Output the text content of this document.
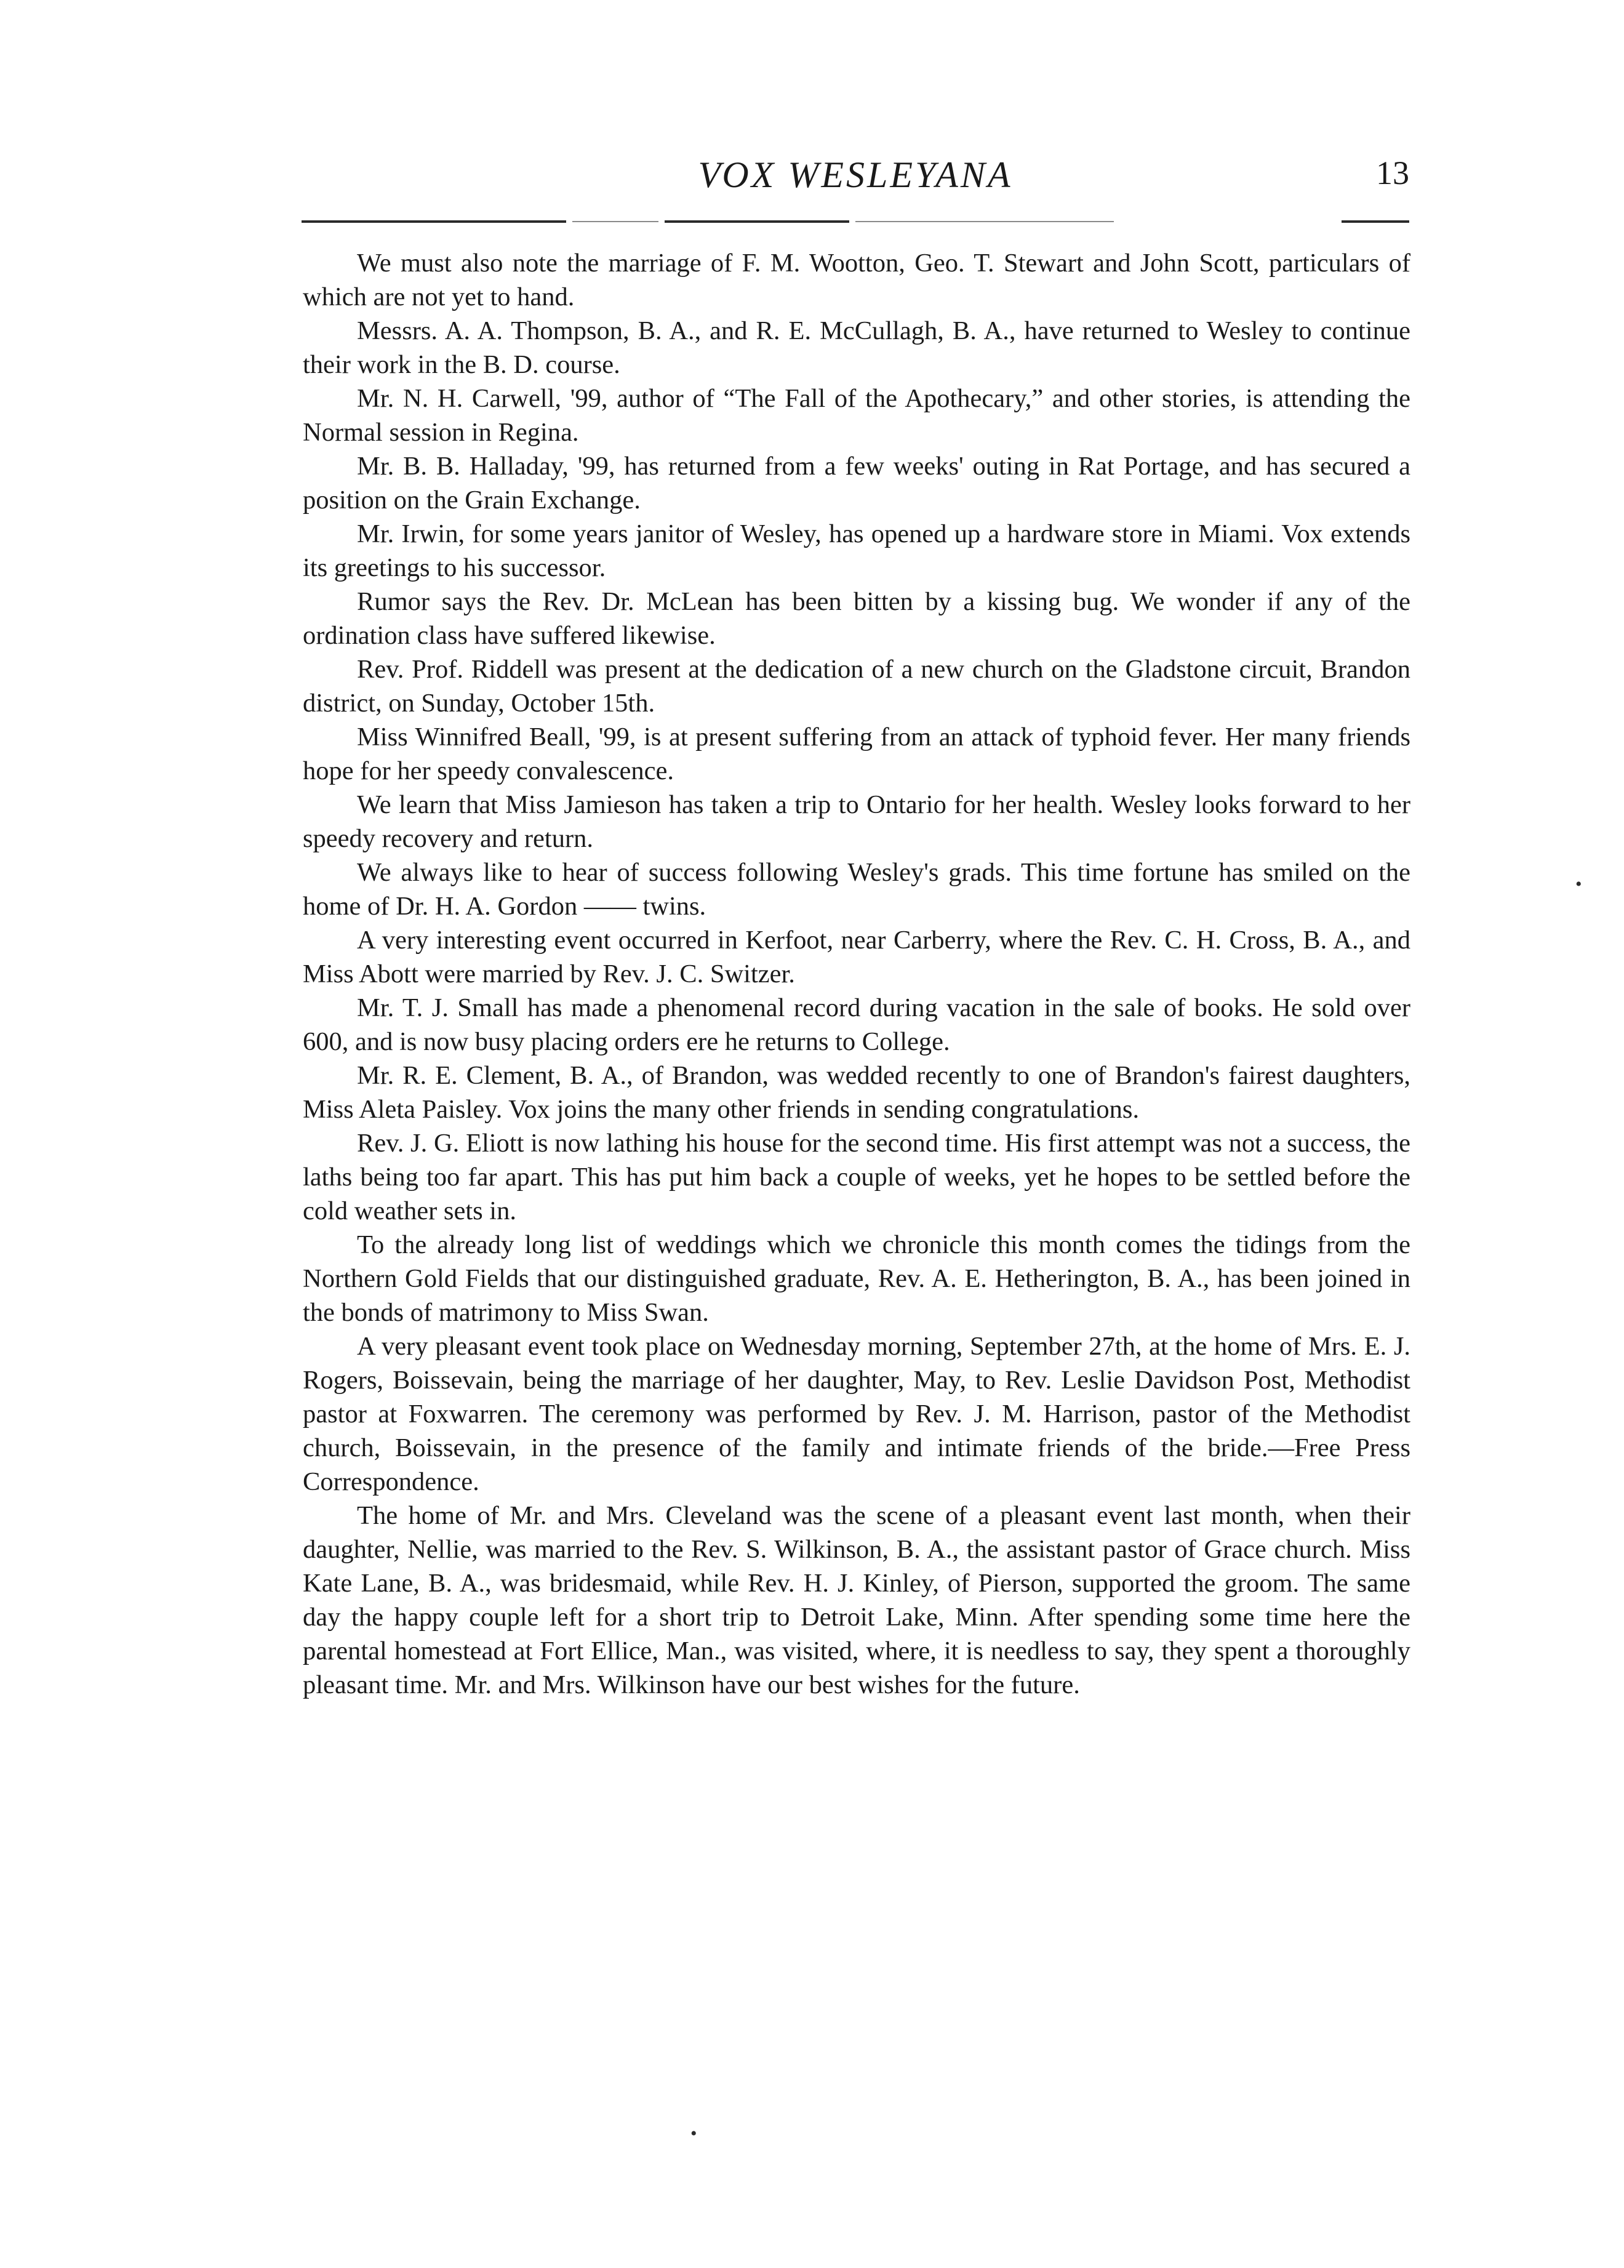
VOX WESLEYANA	13

We must also note the marriage of F. M. Wootton, Geo. T. Stewart and John Scott, particulars of which are not yet to hand.

Messrs. A. A. Thompson, B. A., and R. E. McCullagh, B. A., have returned to Wesley to continue their work in the B. D. course.

Mr. N. H. Carwell, '99, author of “The Fall of the Apothecary,” and other stories, is attending the Normal session in Regina.

Mr. B. B. Halladay, '99, has returned from a few weeks' outing in Rat Portage, and has secured a position on the Grain Exchange.

Mr. Irwin, for some years janitor of Wesley, has opened up a hardware store in Miami. Vox extends its greetings to his successor.

Rumor says the Rev. Dr. McLean has been bitten by a kissing bug. We wonder if any of the ordination class have suffered likewise.

Rev. Prof. Riddell was present at the dedication of a new church on the Gladstone circuit, Brandon district, on Sunday, October 15th.

Miss Winnifred Beall, '99, is at present suffering from an attack of typhoid fever. Her many friends hope for her speedy convalescence.

We learn that Miss Jamieson has taken a trip to Ontario for her health. Wesley looks forward to her speedy recovery and return.

We always like to hear of success following Wesley's grads. This time fortune has smiled on the home of Dr. H. A. Gordon —— twins.

A very interesting event occurred in Kerfoot, near Carberry, where the Rev. C. H. Cross, B. A., and Miss Abott were married by Rev. J. C. Switzer.

Mr. T. J. Small has made a phenomenal record during vacation in the sale of books. He sold over 600, and is now busy placing orders ere he returns to College.

Mr. R. E. Clement, B. A., of Brandon, was wedded recently to one of Brandon's fairest daughters, Miss Aleta Paisley. Vox joins the many other friends in sending congratulations.

Rev. J. G. Eliott is now lathing his house for the second time. His first attempt was not a success, the laths being too far apart. This has put him back a couple of weeks, yet he hopes to be settled before the cold weather sets in.

To the already long list of weddings which we chronicle this month comes the tidings from the Northern Gold Fields that our distinguished graduate, Rev. A. E. Hetherington, B. A., has been joined in the bonds of matrimony to Miss Swan.

A very pleasant event took place on Wednesday morning, September 27th, at the home of Mrs. E. J. Rogers, Boissevain, being the marriage of her daughter, May, to Rev. Leslie Davidson Post, Methodist pastor at Foxwarren. The ceremony was performed by Rev. J. M. Harrison, pastor of the Methodist church, Boissevain, in the presence of the family and intimate friends of the bride.—Free Press Correspondence.

The home of Mr. and Mrs. Cleveland was the scene of a pleasant event last month, when their daughter, Nellie, was married to the Rev. S. Wilkinson, B. A., the assistant pastor of Grace church. Miss Kate Lane, B. A., was bridesmaid, while Rev. H. J. Kinley, of Pierson, supported the groom. The same day the happy couple left for a short trip to Detroit Lake, Minn. After spending some time here the parental homestead at Fort Ellice, Man., was visited, where, it is needless to say, they spent a thoroughly pleasant time. Mr. and Mrs. Wilkinson have our best wishes for the future.

•
•
